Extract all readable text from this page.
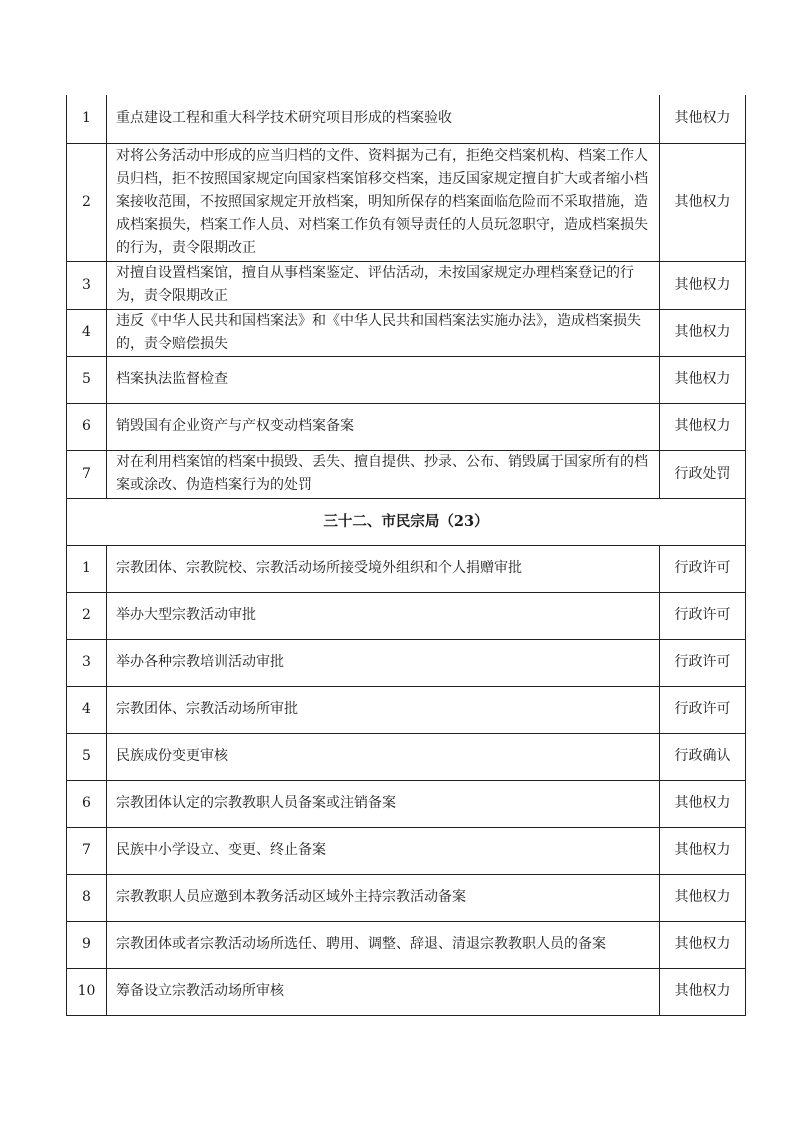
1	重点建设工程和重大科学技术研究项目形成的档案验收	其他权力
2	对将公务活动中形成的应当归档的文件、资料据为己有，拒绝交档案机构、档案工作人员归档，拒不按照国家规定向国家档案馆移交档案，违反国家规定擅自扩大或者缩小档案接收范围，不按照国家规定开放档案，明知所保存的档案面临危险而不采取措施，造成档案损失，档案工作人员、对档案工作负有领导责任的人员玩忽职守，造成档案损失的行为，责令限期改正	其他权力
3	对擅自设置档案馆，擅自从事档案鉴定、评估活动，未按国家规定办理档案登记的行为，责令限期改正	其他权力
4	违反《中华人民共和国档案法》和《中华人民共和国档案法实施办法》，造成档案损失的，责令赔偿损失	其他权力
5	档案执法监督检查	其他权力
6	销毁国有企业资产与产权变动档案备案	其他权力
7	对在利用档案馆的档案中损毁、丢失、擅自提供、抄录、公布、销毁属于国家所有的档案或涂改、伪造档案行为的处罚	行政处罚
三十二、市民宗局（23）		
1	宗教团体、宗教院校、宗教活动场所接受境外组织和个人捐赠审批	行政许可
2	举办大型宗教活动审批	行政许可
3	举办各种宗教培训活动审批	行政许可
4	宗教团体、宗教活动场所审批	行政许可
5	民族成份变更审核	行政确认
6	宗教团体认定的宗教教职人员备案或注销备案	其他权力
7	民族中小学设立、变更、终止备案	其他权力
8	宗教教职人员应邀到本教务活动区域外主持宗教活动备案	其他权力
9	宗教团体或者宗教活动场所选任、聘用、调整、辞退、清退宗教教职人员的备案	其他权力
10	筹备设立宗教活动场所审核	其他权力
